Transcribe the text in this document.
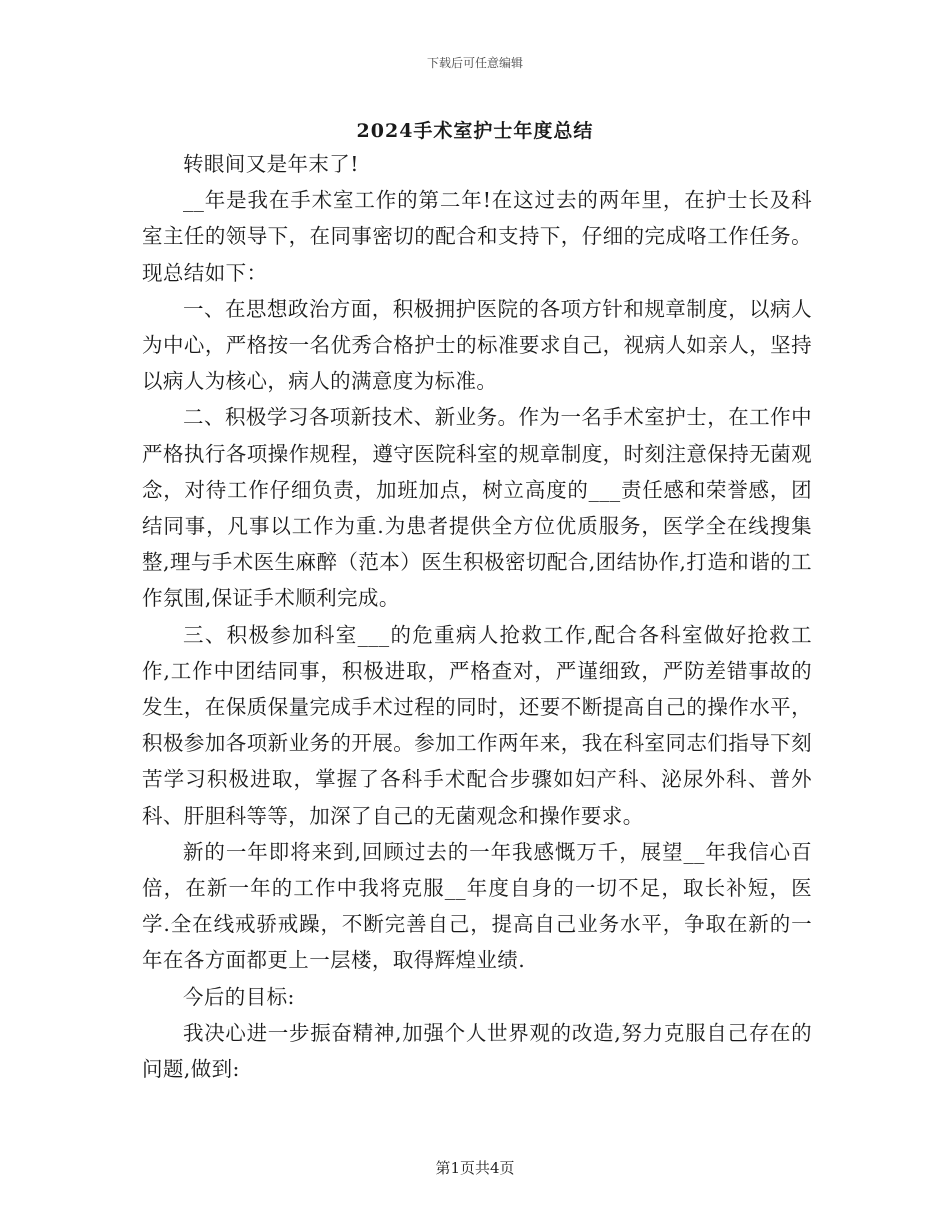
下载后可任意编辑
2024手术室护士年度总结

转眼间又是年末了!

__年是我在手术室工作的第二年!在这过去的两年里，在护士长及科室主任的领导下，在同事密切的配合和支持下，仔细的完成咯工作任务。现总结如下：

一、在思想政治方面，积极拥护医院的各项方针和规章制度，以病人为中心，严格按一名优秀合格护士的标准要求自己，视病人如亲人，坚持以病人为核心，病人的满意度为标准。

二、积极学习各项新技术、新业务。作为一名手术室护士，在工作中严格执行各项操作规程，遵守医院科室的规章制度，时刻注意保持无菌观念，对待工作仔细负责，加班加点，树立高度的___责任感和荣誉感，团结同事，凡事以工作为重.为患者提供全方位优质服务，医学全在线搜集整,理与手术医生麻醉（范本）医生积极密切配合,团结协作,打造和谐的工作氛围,保证手术顺利完成。

三、积极参加科室___的危重病人抢救工作,配合各科室做好抢救工作,工作中团结同事，积极进取，严格查对，严谨细致，严防差错事故的发生，在保质保量完成手术过程的同时，还要不断提高自己的操作水平，积极参加各项新业务的开展。参加工作两年来，我在科室同志们指导下刻苦学习积极进取，掌握了各科手术配合步骤如妇产科、泌尿外科、普外科、肝胆科等等，加深了自己的无菌观念和操作要求。

新的一年即将来到,回顾过去的一年我感慨万千，展望__年我信心百倍，在新一年的工作中我将克服__年度自身的一切不足，取长补短，医学.全在线戒骄戒躁，不断完善自己，提高自己业务水平，争取在新的一年在各方面都更上一层楼，取得辉煌业绩.

今后的目标:

我决心进一步振奋精神,加强个人世界观的改造,努力克服自己存在的问题,做到:

第1页共4页
